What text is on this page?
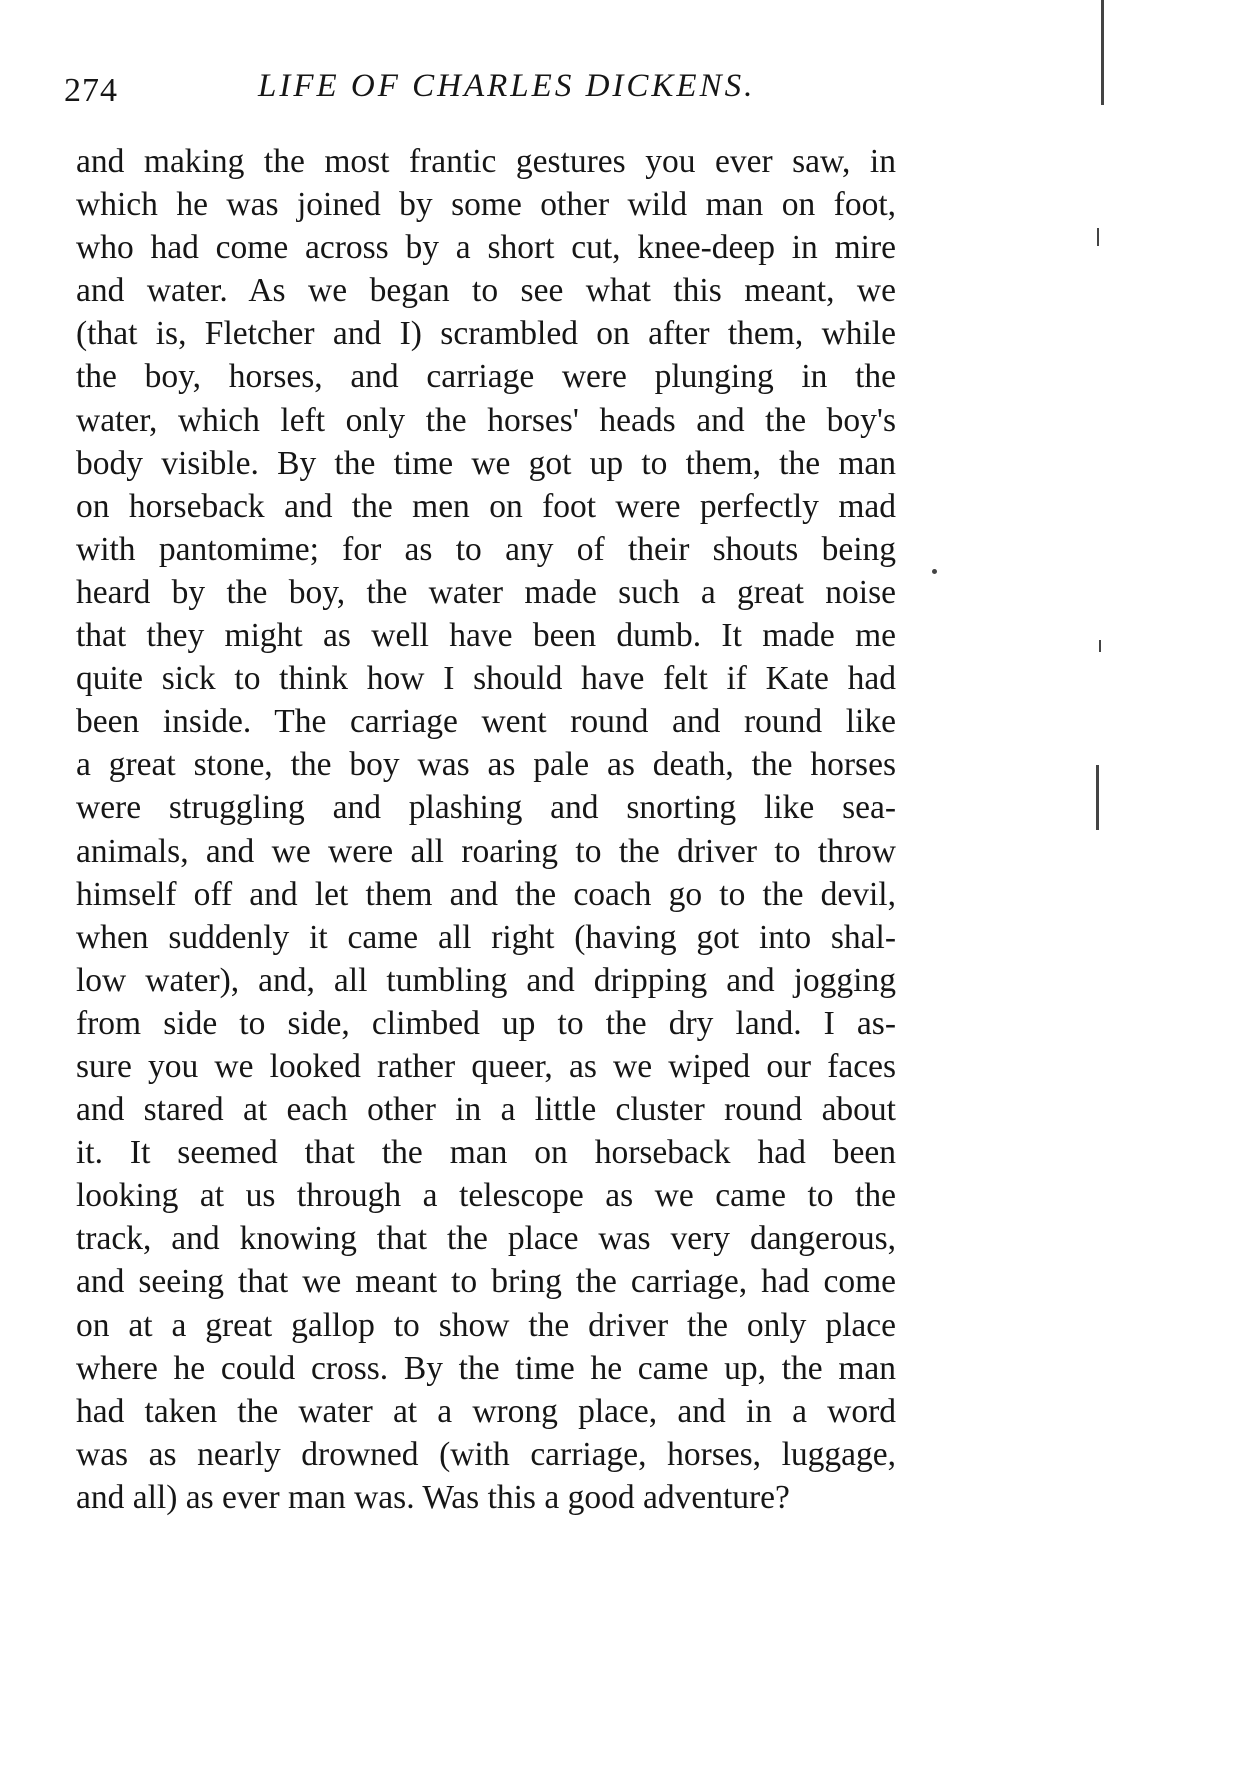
274	LIFE OF CHARLES DICKENS.
and making the most frantic gestures you ever saw, in
which he was joined by some other wild man on foot,
who had come across by a short cut, knee-deep in mire
and water. As we began to see what this meant, we
(that is, Fletcher and I) scrambled on after them, while
the boy, horses, and carriage were plunging in the
water, which left only the horses' heads and the boy's
body visible. By the time we got up to them, the man
on horseback and the men on foot were perfectly mad
with pantomime; for as to any of their shouts being
heard by the boy, the water made such a great noise
that they might as well have been dumb. It made me
quite sick to think how I should have felt if Kate had
been inside. The carriage went round and round like
a great stone, the boy was as pale as death, the horses
were struggling and plashing and snorting like sea-
animals, and we were all roaring to the driver to throw
himself off and let them and the coach go to the devil,
when suddenly it came all right (having got into shal-
low water), and, all tumbling and dripping and jogging
from side to side, climbed up to the dry land. I as-
sure you we looked rather queer, as we wiped our faces
and stared at each other in a little cluster round about
it. It seemed that the man on horseback had been
looking at us through a telescope as we came to the
track, and knowing that the place was very dangerous,
and seeing that we meant to bring the carriage, had come
on at a great gallop to show the driver the only place
where he could cross. By the time he came up, the man
had taken the water at a wrong place, and in a word
was as nearly drowned (with carriage, horses, luggage,
and all) as ever man was. Was this a good adventure?
